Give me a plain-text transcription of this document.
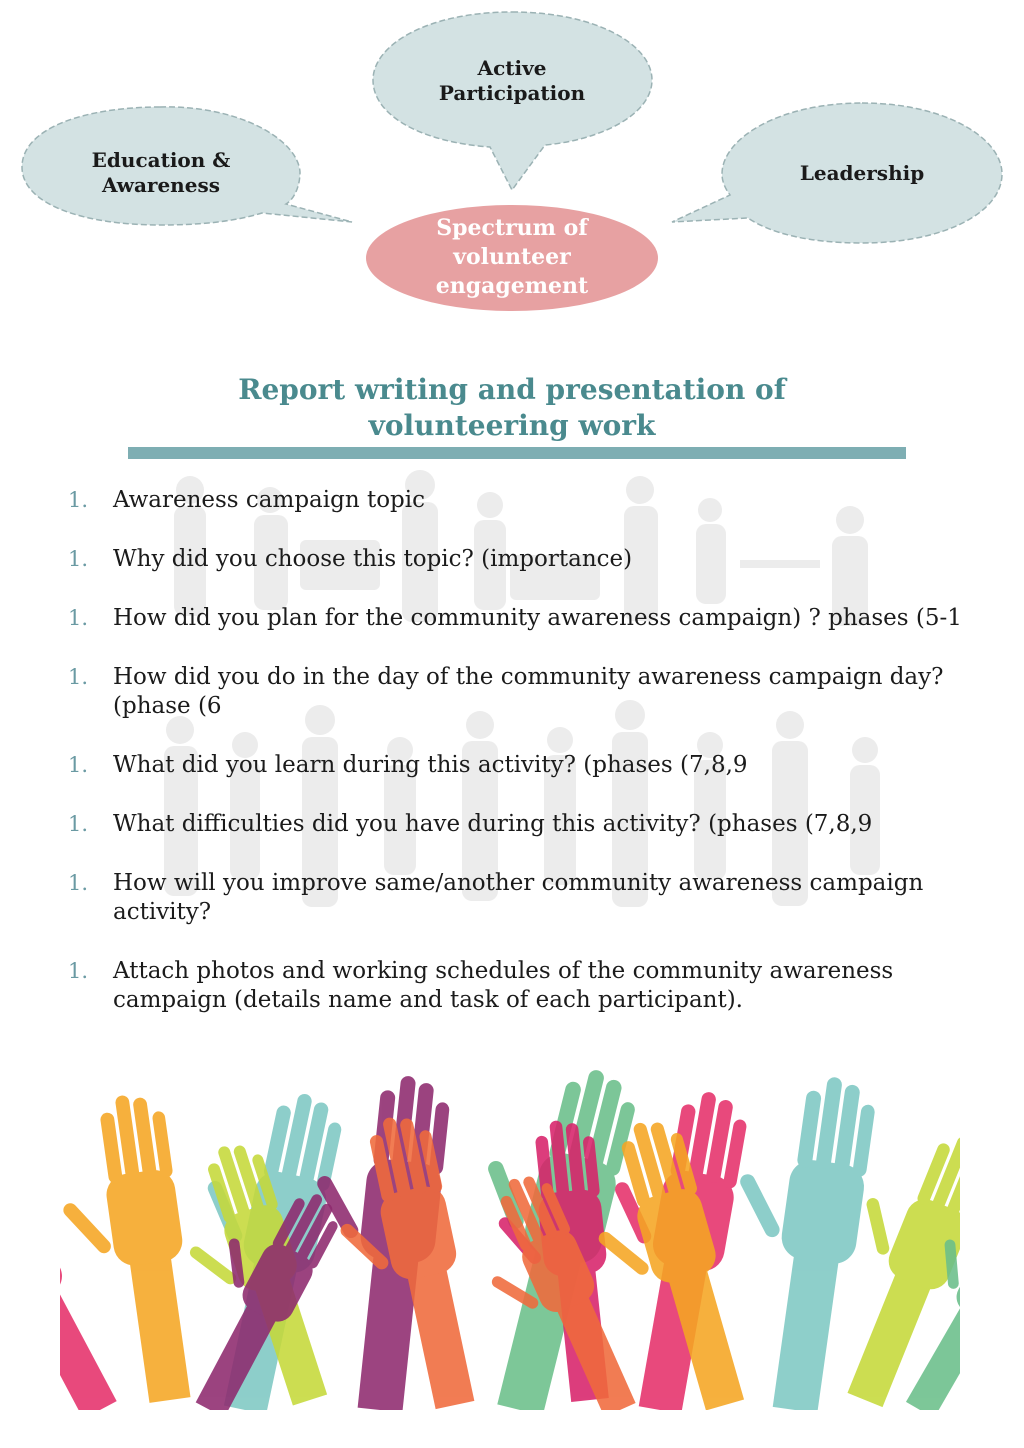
Education &
Awareness
Active
Participation
Leadership
Spectrum of
volunteer
engagement
Report writing and presentation of volunteering work
1. Awareness campaign topic
1. Why did you choose this topic? (importance)
1. How did you plan for the community awareness campaign) ? phases (5-1
1. How did you do in the day of the community awareness campaign day? (phase (6
1. What did you learn during this activity? (phases (7,8,9
1. What difficulties did you have during this activity? (phases (7,8,9
1. How will you improve same/another community awareness campaign activity?
1. Attach photos and working schedules of the community awareness campaign (details name and task of each participant).
